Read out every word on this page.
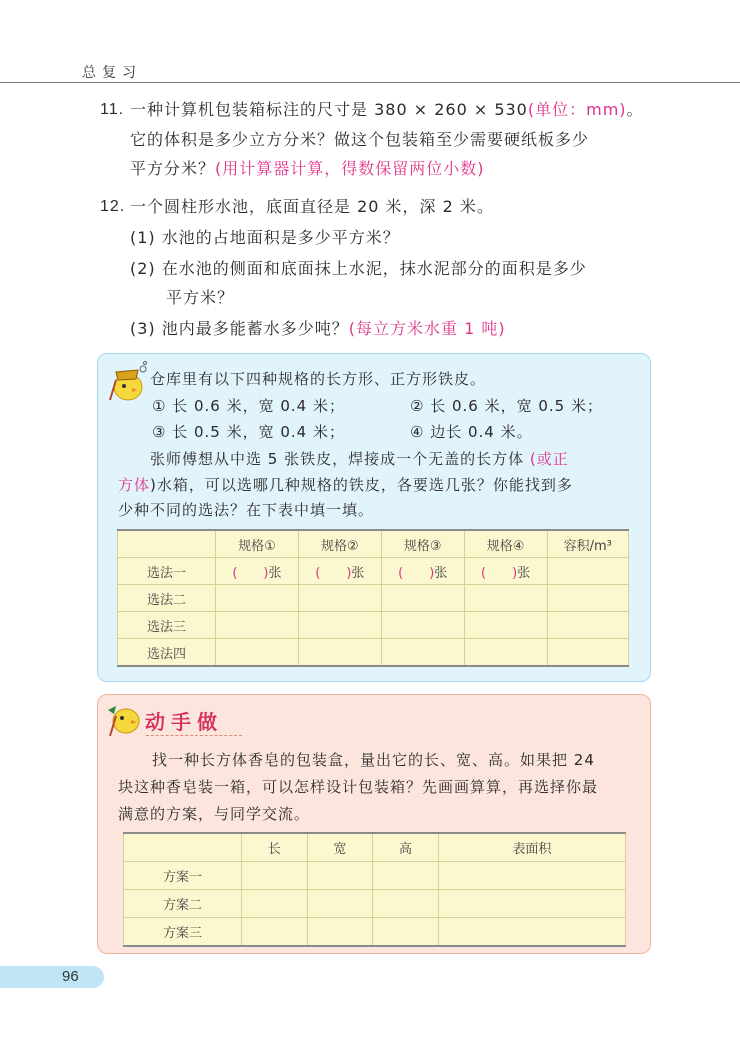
总复习
11. 一种计算机包装箱标注的尺寸是 380 × 260 × 530(单位：mm)。
它的体积是多少立方分米？做这个包装箱至少需要硬纸板多少
平方分米？(用计算器计算，得数保留两位小数)
12. 一个圆柱形水池，底面直径是 20 米，深 2 米。
(1) 水池的占地面积是多少平方米？
(2) 在水池的侧面和底面抹上水泥，抹水泥部分的面积是多少
平方米？
(3) 池内最多能蓄水多少吨？(每立方米水重 1 吨)
仓库里有以下四种规格的长方形、正方形铁皮。
① 长 0.6 米，宽 0.4 米；	② 长 0.6 米，宽 0.5 米；
③ 长 0.5 米，宽 0.4 米；	④ 边长 0.4 米。
张师傅想从中选 5 张铁皮，焊接成一个无盖的长方体 (或正
方体)水箱，可以选哪几种规格的铁皮，各要选几张？你能找到多
少种不同的选法？在下表中填一填。
	规格①	规格②	规格③	规格④	容积/m³
选法一	(　　)张	(　　)张	(　　)张	(　　)张	
选法二					
选法三					
选法四					
动手做
找一种长方体香皂的包装盒，量出它的长、宽、高。如果把 24
块这种香皂装一箱，可以怎样设计包装箱？先画画算算，再选择你最
满意的方案，与同学交流。
	长	宽	高	表面积
方案一				
方案二				
方案三				
96
